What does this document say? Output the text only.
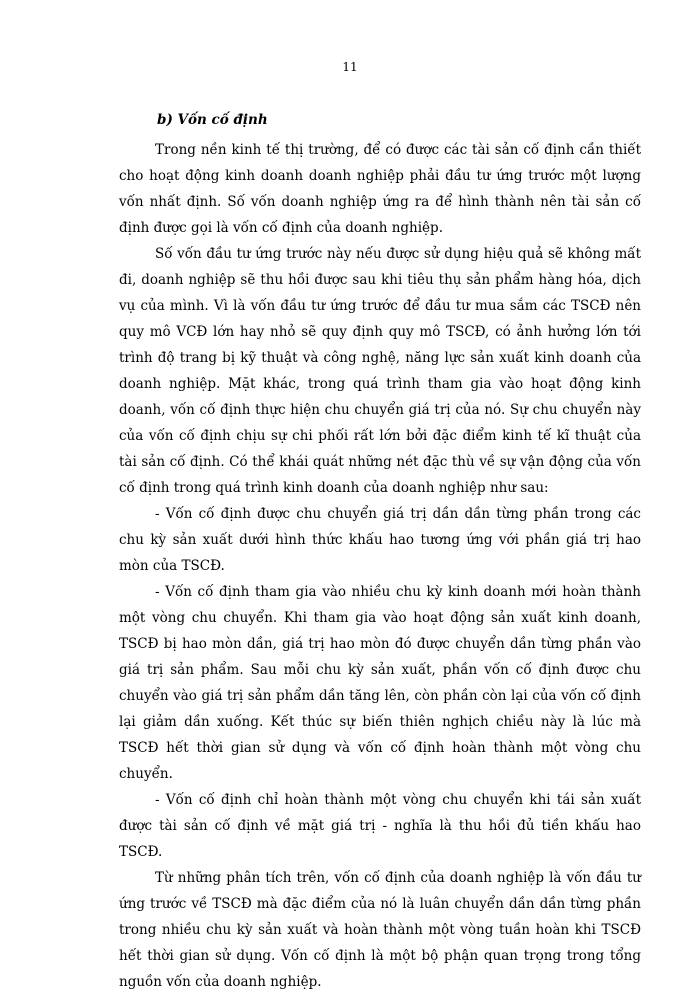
11
b) Vốn cố định

Trong nền kinh tế thị trường, để có được các tài sản cố định cần thiết cho hoạt động kinh doanh doanh nghiệp phải đầu tư ứng trước một lượng vốn nhất định. Số vốn doanh nghiệp ứng ra để hình thành nên tài sản cố định được gọi là vốn cố định của doanh nghiệp.

Số vốn đầu tư ứng trước này nếu được sử dụng hiệu quả sẽ không mất đi, doanh nghiệp sẽ thu hồi được sau khi tiêu thụ sản phẩm hàng hóa, dịch vụ của mình. Vì là vốn đầu tư ứng trước để đầu tư mua sắm các TSCĐ nên quy mô VCĐ lớn hay nhỏ sẽ quy định quy mô TSCĐ, có ảnh hưởng lớn tới trình độ trang bị kỹ thuật và công nghệ, năng lực sản xuất kinh doanh của doanh nghiệp. Mặt khác, trong quá trình tham gia vào hoạt động kinh doanh, vốn cố định thực hiện chu chuyển giá trị của nó. Sự chu chuyển này của vốn cố định chịu sự chi phối rất lớn bởi đặc điểm kinh tế kĩ thuật của tài sản cố định. Có thể khái quát những nét đặc thù về sự vận động của vốn cố định trong quá trình kinh doanh của doanh nghiệp như sau:

- Vốn cố định được chu chuyển giá trị dần dần từng phần trong các chu kỳ sản xuất dưới hình thức khấu hao tương ứng với phần giá trị hao mòn của TSCĐ.

- Vốn cố định tham gia vào nhiều chu kỳ kinh doanh mới hoàn thành một vòng chu chuyển. Khi tham gia vào hoạt động sản xuất kinh doanh, TSCĐ bị hao mòn dần, giá trị hao mòn đó được chuyển dần từng phần vào giá trị sản phẩm. Sau mỗi chu kỳ sản xuất, phần vốn cố định được chu chuyển vào giá trị sản phẩm dần tăng lên, còn phần còn lại của vốn cố định lại giảm dần xuống. Kết thúc sự biến thiên nghịch chiều này là lúc mà TSCĐ hết thời gian sử dụng và vốn cố định hoàn thành một vòng chu chuyển.

- Vốn cố định chỉ hoàn thành một vòng chu chuyển khi tái sản xuất được tài sản cố định về mặt giá trị - nghĩa là thu hồi đủ tiền khấu hao TSCĐ.

Từ những phân tích trên, vốn cố định của doanh nghiệp là vốn đầu tư ứng trước về TSCĐ mà đặc điểm của nó là luân chuyển dần dần từng phần trong nhiều chu kỳ sản xuất và hoàn thành một vòng tuần hoàn khi TSCĐ hết thời gian sử dụng. Vốn cố định là một bộ phận quan trọng trong tổng nguồn vốn của doanh nghiệp.
